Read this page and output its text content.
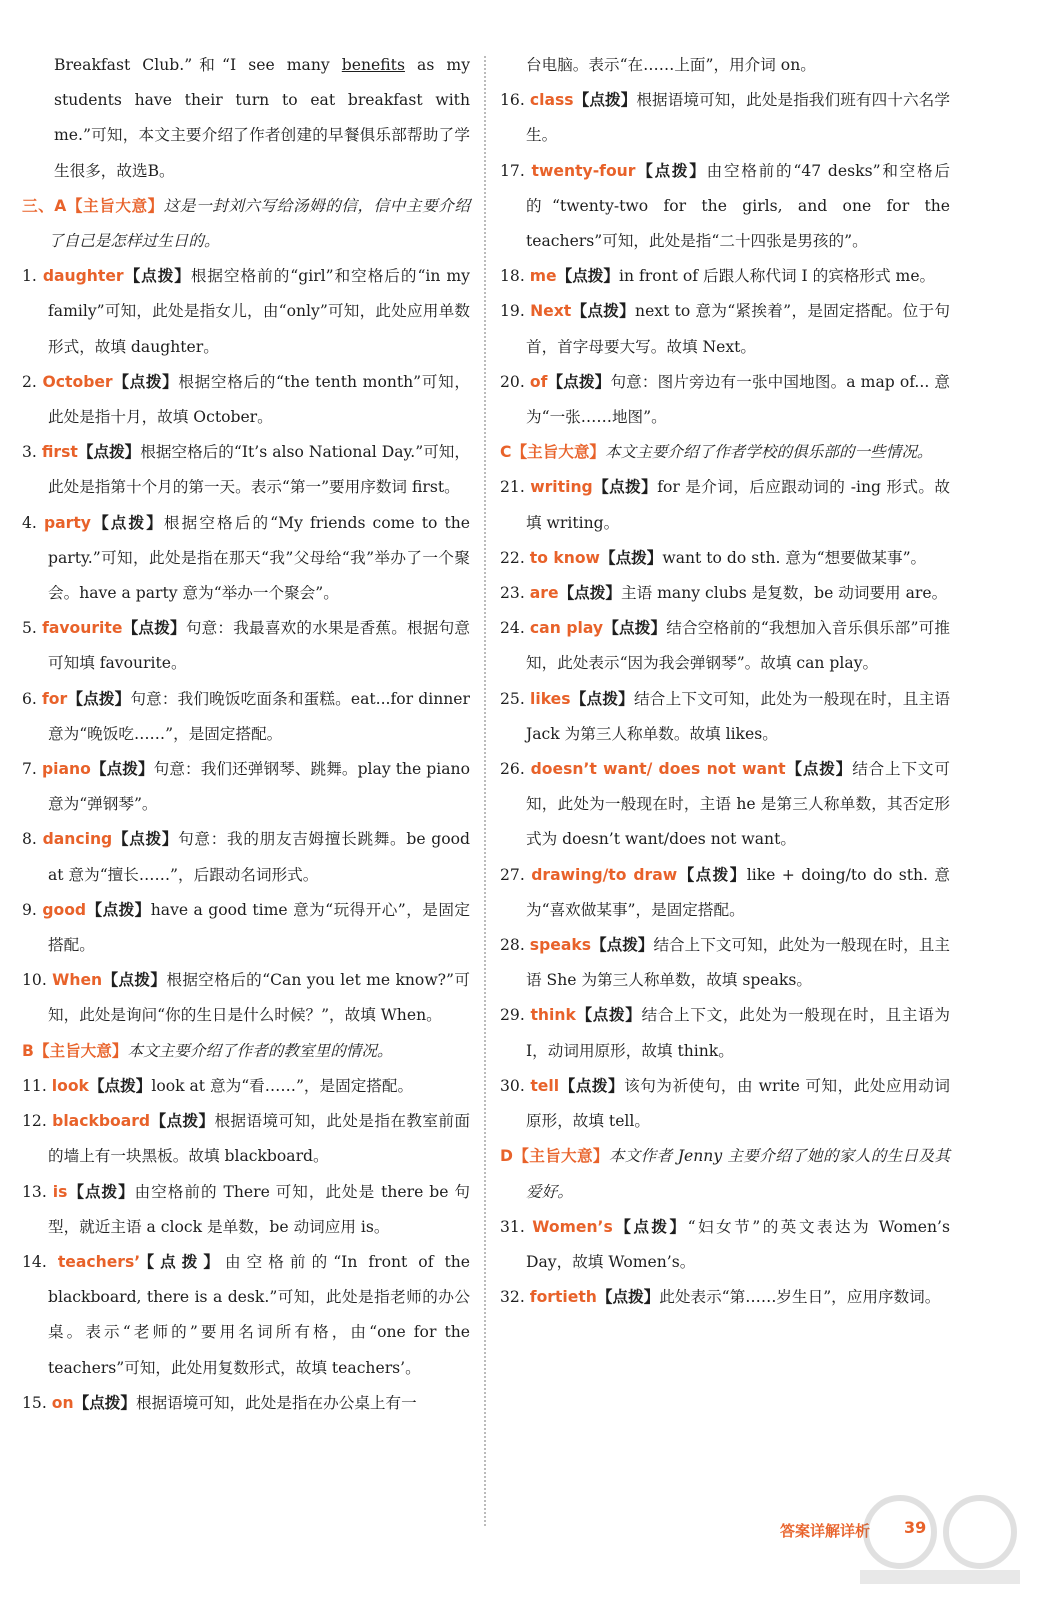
Breakfast Club.”和“I see many benefits as my students have their turn to eat breakfast with me.”可知，本文主要介绍了作者创建的早餐俱乐部帮助了学生很多，故选B。

三、A【主旨大意】这是一封刘六写给汤姆的信，信中主要介绍了自己是怎样过生日的。

1. daughter【点拨】根据空格前的“girl”和空格后的“in my family”可知，此处是指女儿，由“only”可知，此处应用单数形式，故填 daughter。

2. October【点拨】根据空格后的“the tenth month”可知，此处是指十月，故填 October。

3. first【点拨】根据空格后的“It’s also National Day.”可知，此处是指第十个月的第一天。表示“第一”要用序数词 first。

4. party【点拨】根据空格后的“My friends come to the party.”可知，此处是指在那天“我”父母给“我”举办了一个聚会。have a party 意为“举办一个聚会”。

5. favourite【点拨】句意：我最喜欢的水果是香蕉。根据句意可知填 favourite。

6. for【点拨】句意：我们晚饭吃面条和蛋糕。eat...for dinner 意为“晚饭吃……”，是固定搭配。

7. piano【点拨】句意：我们还弹钢琴、跳舞。play the piano 意为“弹钢琴”。

8. dancing【点拨】句意：我的朋友吉姆擅长跳舞。be good at 意为“擅长……”，后跟动名词形式。

9. good【点拨】have a good time 意为“玩得开心”，是固定搭配。

10. When【点拨】根据空格后的“Can you let me know?”可知，此处是询问“你的生日是什么时候？”，故填 When。

B【主旨大意】本文主要介绍了作者的教室里的情况。

11. look【点拨】look at 意为“看……”，是固定搭配。

12. blackboard【点拨】根据语境可知，此处是指在教室前面的墙上有一块黑板。故填 blackboard。

13. is【点拨】由空格前的 There 可知，此处是 there be 句型，就近主语 a clock 是单数，be 动词应用 is。

14. teachers’【点拨】由空格前的“In front of the blackboard, there is a desk.”可知，此处是指老师的办公桌。表示“老师的”要用名词所有格，由“one for the teachers”可知，此处用复数形式，故填 teachers’。

15. on【点拨】根据语境可知，此处是指在办公桌上有一

台电脑。表示“在……上面”，用介词 on。

16. class【点拨】根据语境可知，此处是指我们班有四十六名学生。

17. twenty-four【点拨】由空格前的“47 desks”和空格后的“twenty-two for the girls, and one for the teachers”可知，此处是指“二十四张是男孩的”。

18. me【点拨】in front of 后跟人称代词 I 的宾格形式 me。

19. Next【点拨】next to 意为“紧挨着”，是固定搭配。位于句首，首字母要大写。故填 Next。

20. of【点拨】句意：图片旁边有一张中国地图。a map of... 意为“一张……地图”。

C【主旨大意】本文主要介绍了作者学校的俱乐部的一些情况。

21. writing【点拨】for 是介词，后应跟动词的 -ing 形式。故填 writing。

22. to know【点拨】want to do sth. 意为“想要做某事”。

23. are【点拨】主语 many clubs 是复数，be 动词要用 are。

24. can play【点拨】结合空格前的“我想加入音乐俱乐部”可推知，此处表示“因为我会弹钢琴”。故填 can play。

25. likes【点拨】结合上下文可知，此处为一般现在时，且主语 Jack 为第三人称单数。故填 likes。

26. doesn’t want/ does not want【点拨】结合上下文可知，此处为一般现在时，主语 he 是第三人称单数，其否定形式为 doesn’t want/does not want。

27. drawing/to draw【点拨】like + doing/to do sth. 意为“喜欢做某事”，是固定搭配。

28. speaks【点拨】结合上下文可知，此处为一般现在时，且主语 She 为第三人称单数，故填 speaks。

29. think【点拨】结合上下文，此处为一般现在时，且主语为 I，动词用原形，故填 think。

30. tell【点拨】该句为祈使句，由 write 可知，此处应用动词原形，故填 tell。

D【主旨大意】本文作者 Jenny 主要介绍了她的家人的生日及其爱好。

31. Women’s【点拨】“妇女节”的英文表达为 Women’s Day，故填 Women’s。

32. fortieth【点拨】此处表示“第……岁生日”，应用序数词。

答案详解详析 39
